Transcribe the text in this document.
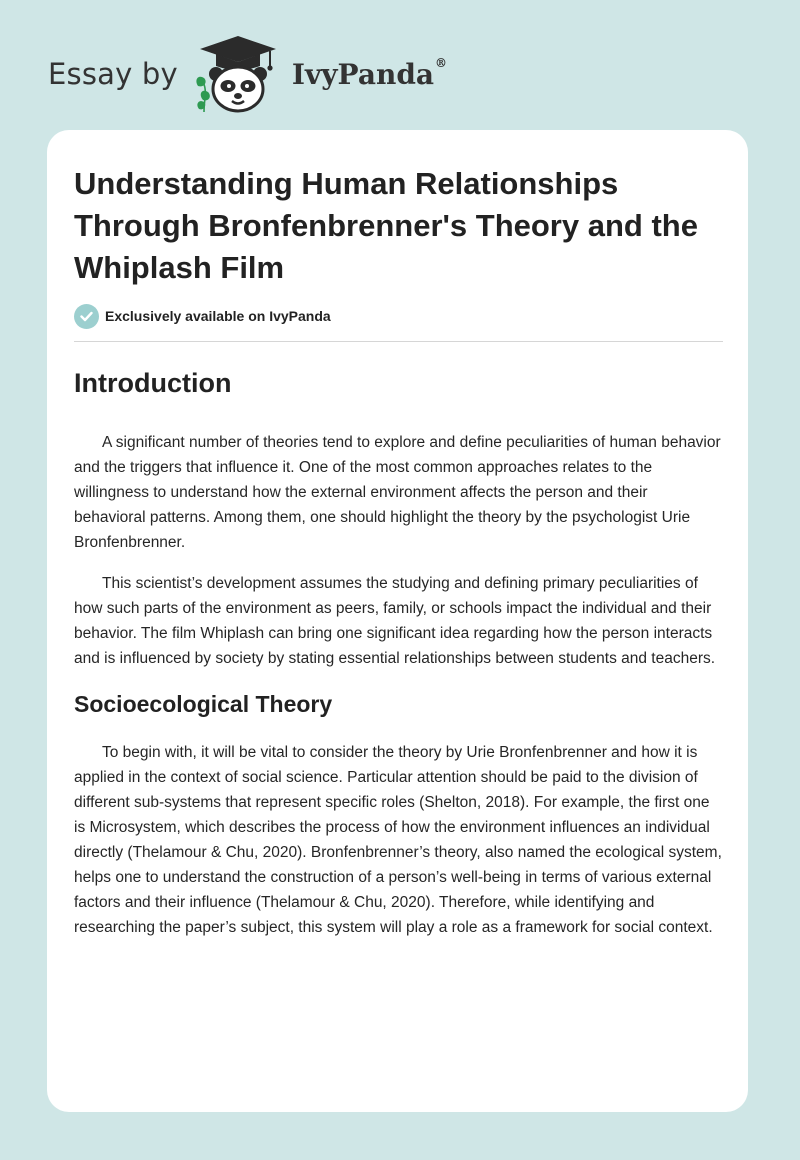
Essay by	IvyPanda®
Understanding Human Relationships Through Bronfenbrenner's Theory and the Whiplash Film
Exclusively available on IvyPanda
Introduction

A significant number of theories tend to explore and define peculiarities of human behavior and the triggers that influence it. One of the most common approaches relates to the willingness to understand how the external environment affects the person and their behavioral patterns. Among them, one should highlight the theory by the psychologist Urie Bronfenbrenner.

This scientist’s development assumes the studying and defining primary peculiarities of how such parts of the environment as peers, family, or schools impact the individual and their behavior. The film Whiplash can bring one significant idea regarding how the person interacts and is influenced by society by stating essential relationships between students and teachers.

Socioecological Theory

To begin with, it will be vital to consider the theory by Urie Bronfenbrenner and how it is applied in the context of social science. Particular attention should be paid to the division of different sub-systems that represent specific roles (Shelton, 2018). For example, the first one is Microsystem, which describes the process of how the environment influences an individual directly (Thelamour & Chu, 2020). Bronfenbrenner’s theory, also named the ecological system, helps one to understand the construction of a person’s well-being in terms of various external factors and their influence (Thelamour & Chu, 2020). Therefore, while identifying and researching the paper’s subject, this system will play a role as a framework for social context.
